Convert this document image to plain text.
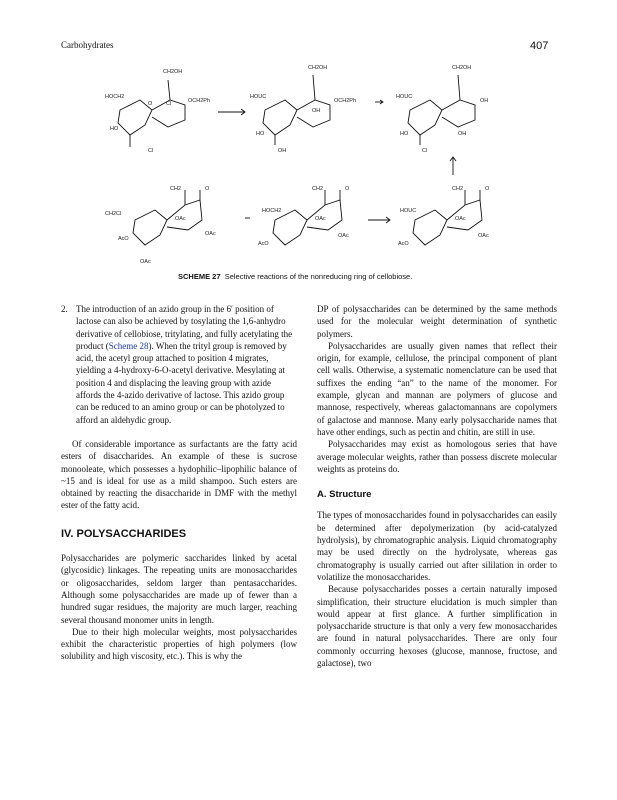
Carbohydrates	407
CH2OH
HOCH2
OCH2Ph
O
HO
Cl
Cl
CH2OH
HOUC
OCH2Ph
HO
OH
OH
CH2OH
HOUC
OH
HO	OH
Cl
CH2	O
CH2Cl
OAc
OAc
AcO
OAc
CH2	O
HOCH2
OAc
OAc
AcO
CH2	O
HOUC
OAc
OAc
AcO
SCHEME 27 Selective reactions of the nonreducing ring of cellobiose.
2. The introduction of an azido group in the 6′ position of lactose can also be achieved by tosylating the 1,6-anhydro derivative of cellobiose, tritylating, and fully acetylating the product (Scheme 28). When the trityl group is removed by acid, the acetyl group attached to position 4 migrates, yielding a 4-hydroxy-6-O-acetyl derivative. Mesylating at position 4 and displacing the leaving group with azide affords the 4-azido derivative of lactose. This azido group can be reduced to an amino group or can be photolyzed to afford an aldehydic group.

Of considerable importance as surfactants are the fatty acid esters of disaccharides. An example of these is sucrose monooleate, which possesses a hydophilic–lipophilic balance of ~15 and is ideal for use as a mild shampoo. Such esters are obtained by reacting the disaccharide in DMF with the methyl ester of the fatty acid.

IV. POLYSACCHARIDES

Polysaccharides are polymeric saccharides linked by acetal (glycosidic) linkages. The repeating units are monosaccharides or oligosaccharides, seldom larger than pentasaccharides. Although some polysaccharides are made up of fewer than a hundred sugar residues, the majority are much larger, reaching several thousand monomer units in length.

Due to their high molecular weights, most polysaccharides exhibit the characteristic properties of high polymers (low solubility and high viscosity, etc.). This is why the

DP of polysaccharides can be determined by the same methods used for the molecular weight determination of synthetic polymers.

Polysaccharides are usually given names that reflect their origin, for example, cellulose, the principal component of plant cell walls. Otherwise, a systematic nomenclature can be used that suffixes the ending “an” to the name of the monomer. For example, glycan and mannan are polymers of glucose and mannose, respectively, whereas galactomannans are copolymers of galactose and mannose. Many early polysaccharide names that have other endings, such as pectin and chitin, are still in use.

Polysaccharides may exist as homologous series that have average molecular weights, rather than possess discrete molecular weights as proteins do.

A. Structure

The types of monosaccharides found in polysaccharides can easily be determined after depolymerization (by acid-catalyzed hydrolysis), by chromatographic analysis. Liquid chromatography may be used directly on the hydrolysate, whereas gas chromatography is usually carried out after sililation in order to volatilize the monosaccharides.

Because polysaccharides posses a certain naturally imposed simplification, their structure elucidation is much simpler than would appear at first glance. A further simplification in polysaccharide structure is that only a very few monosaccharides are found in natural polysaccharides. There are only four commonly occurring hexoses (glucose, mannose, fructose, and galactose), two
